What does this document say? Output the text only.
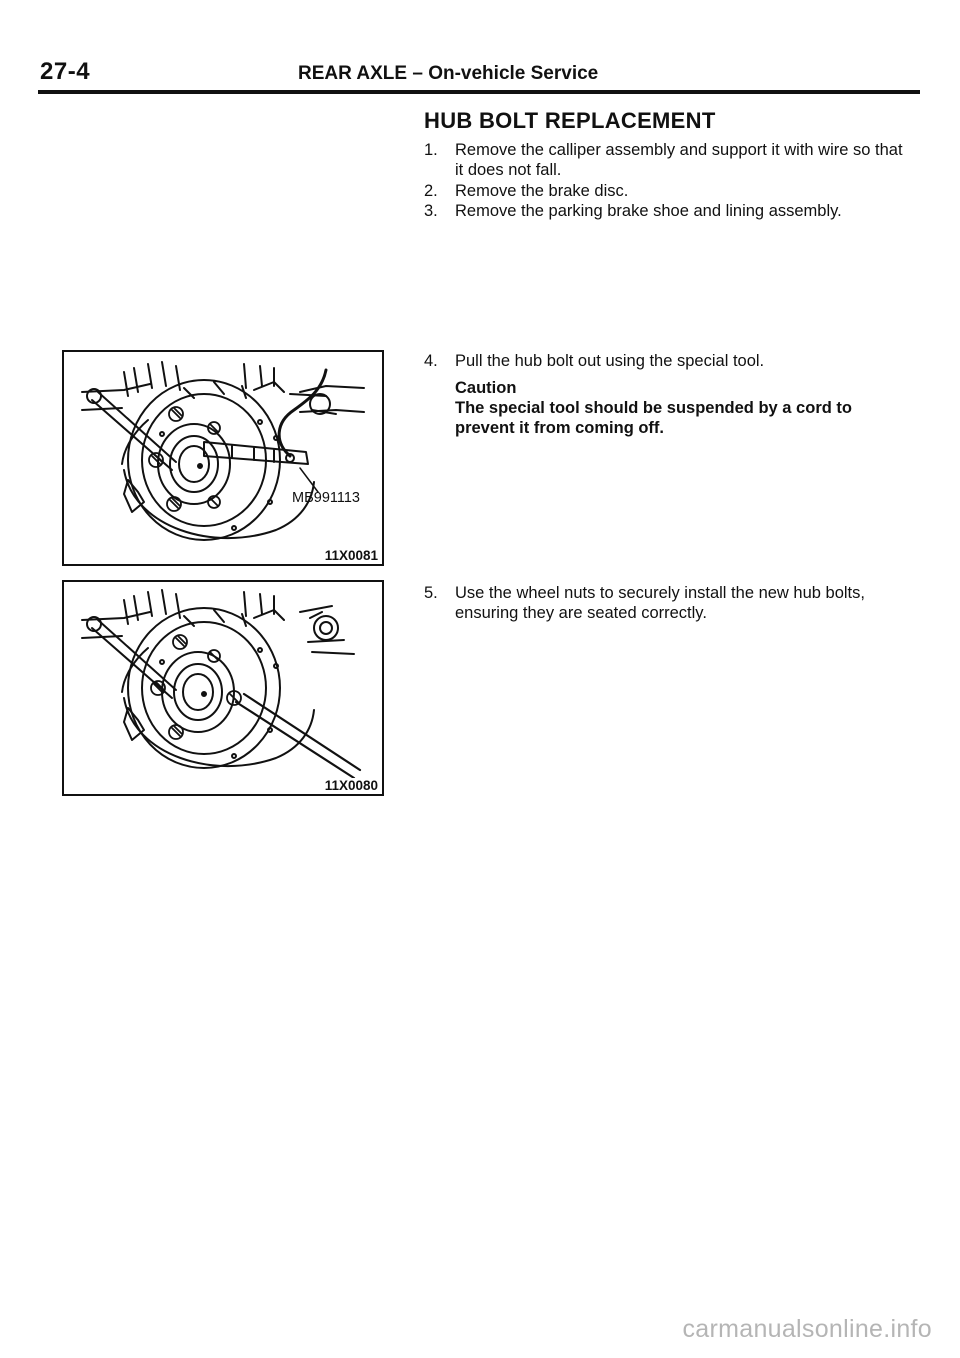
27-4	REAR AXLE – On-vehicle Service
HUB BOLT REPLACEMENT
1.	Remove the calliper assembly and support it with wire so that it does not fall.
2.	Remove the brake disc.
3.	Remove the parking brake shoe and lining assembly.
4.	Pull the hub bolt out using the special tool.
Caution
The special tool should be suspended by a cord to prevent it from coming off.
5.	Use the wheel nuts to securely install the new hub bolts, ensuring they are seated correctly.
MB991113
11X0081
11X0080
carmanualsonline.info
